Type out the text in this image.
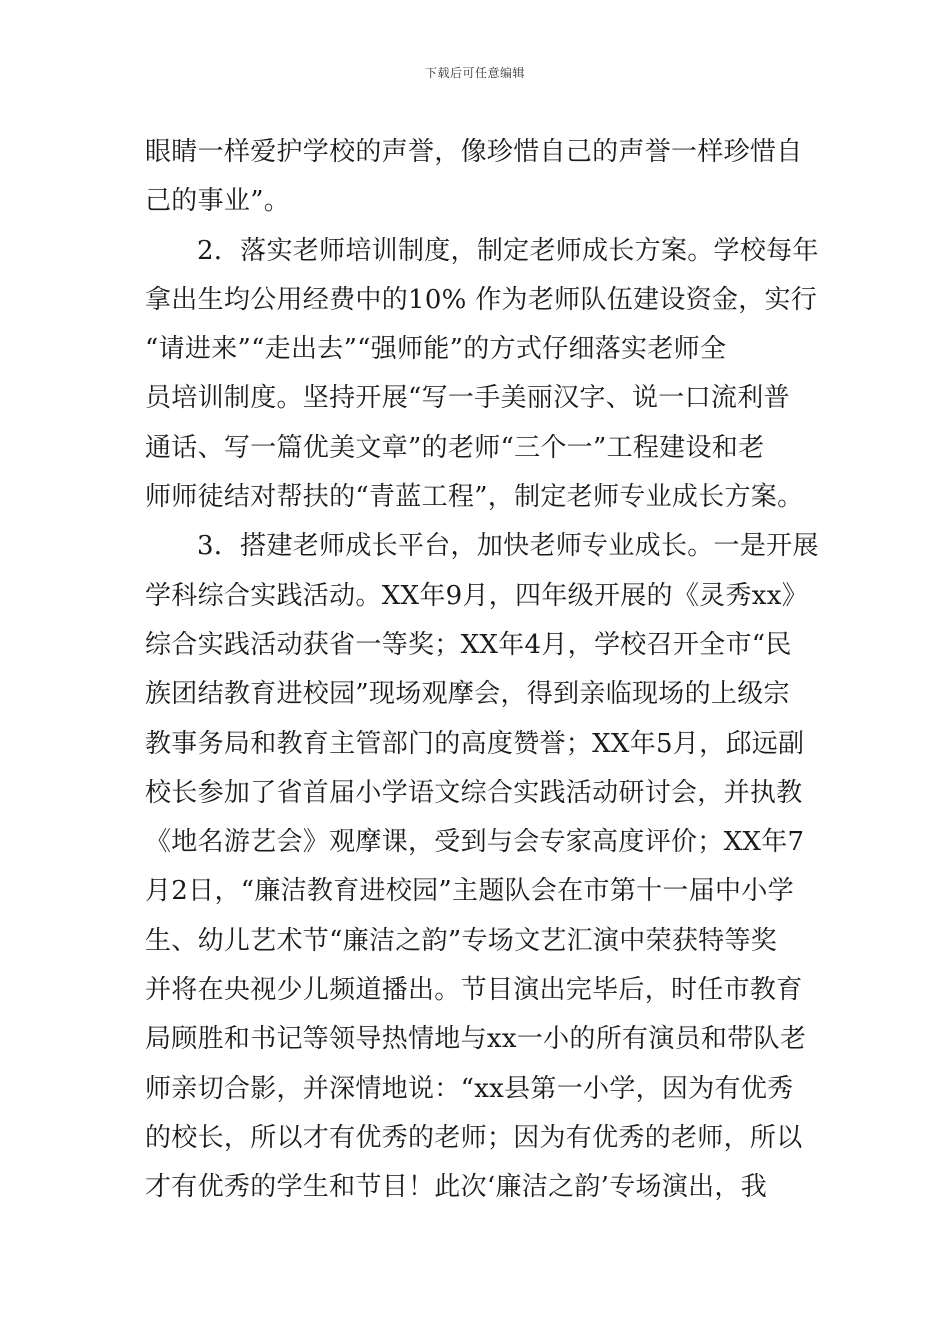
下载后可任意编辑
眼睛一样爱护学校的声誉，像珍惜自己的声誉一样珍惜自
己的事业”。
2．落实老师培训制度，制定老师成长方案。学校每年
拿出生均公用经费中的10% 作为老师队伍建设资金，实行
“请进来”“走出去”“强师能”的方式仔细落实老师全
员培训制度。坚持开展“写一手美丽汉字、说一口流利普
通话、写一篇优美文章”的老师“三个一”工程建设和老
师师徒结对帮扶的“青蓝工程”，制定老师专业成长方案。
3．搭建老师成长平台，加快老师专业成长。一是开展
学科综合实践活动。XX年9月，四年级开展的《灵秀xx》
综合实践活动获省一等奖；XX年4月，学校召开全市“民
族团结教育进校园”现场观摩会，得到亲临现场的上级宗
教事务局和教育主管部门的高度赞誉；XX年5月，邱远副
校长参加了省首届小学语文综合实践活动研讨会，并执教
《地名游艺会》观摩课，受到与会专家高度评价；XX年7
月2日，“廉洁教育进校园”主题队会在市第十一届中小学
生、幼儿艺术节“廉洁之韵”专场文艺汇演中荣获特等奖
并将在央视少儿频道播出。节目演出完毕后，时任市教育
局顾胜和书记等领导热情地与xx一小的所有演员和带队老
师亲切合影，并深情地说：“xx县第一小学，因为有优秀
的校长，所以才有优秀的老师；因为有优秀的老师，所以
才有优秀的学生和节目！此次‘廉洁之韵’专场演出，我
